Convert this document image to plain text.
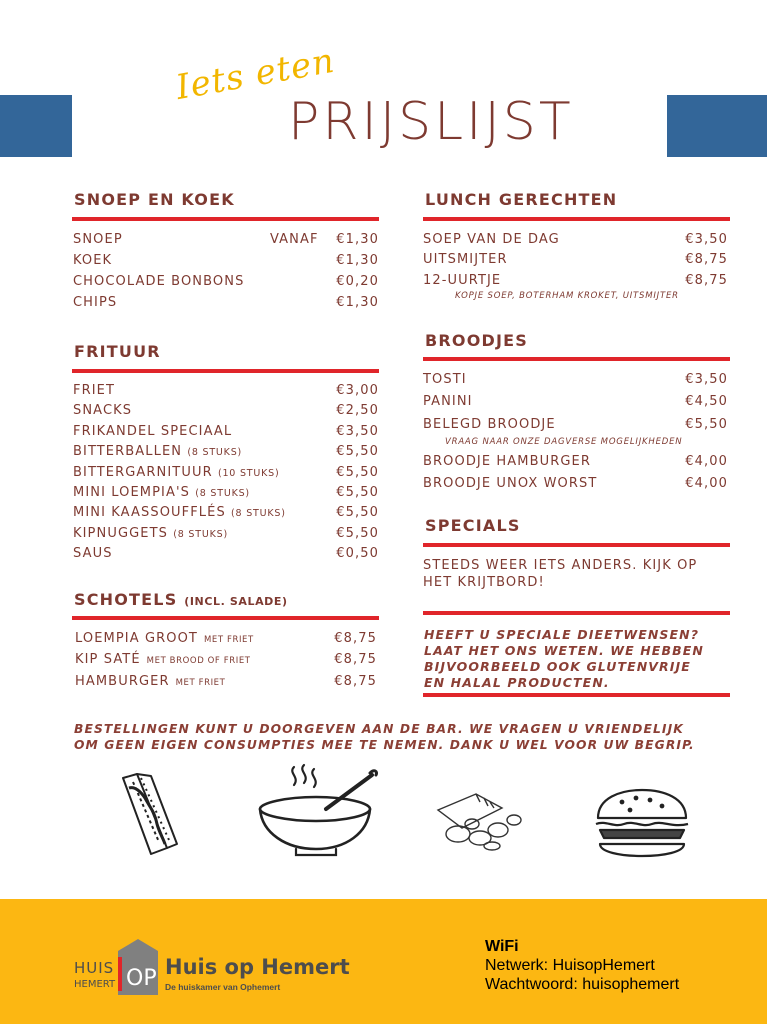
Iets eten
PRIJSLIJST
SNOEP EN KOEK
SNOEP	VANAF €1,30
KOEK	€1,30
CHOCOLADE BONBONS	€0,20
CHIPS	€1,30
FRITUUR
FRIET	€3,00
SNACKS	€2,50
FRIKANDEL SPECIAAL	€3,50
BITTERBALLEN (8 STUKS)	€5,50
BITTERGARNITUUR (10 STUKS)	€5,50
MINI LOEMPIA'S (8 STUKS)	€5,50
MINI KAASSOUFFLÉS (8 STUKS)	€5,50
KIPNUGGETS (8 STUKS)	€5,50
SAUS	€0,50
SCHOTELS (INCL. SALADE)
LOEMPIA GROOT MET FRIET	€8,75
KIP SATÉ MET BROOD OF FRIET	€8,75
HAMBURGER MET FRIET	€8,75
LUNCH GERECHTEN
SOEP VAN DE DAG	€3,50
UITSMIJTER	€8,75
12-UURTJE	€8,75
KOPJE SOEP, BOTERHAM KROKET, UITSMIJTER
BROODJES
TOSTI	€3,50
PANINI	€4,50
BELEGD BROODJE	€5,50
VRAAG NAAR ONZE DAGVERSE MOGELIJKHEDEN
BROODJE HAMBURGER	€4,00
BROODJE UNOX WORST	€4,00
SPECIALS
STEEDS WEER IETS ANDERS. KIJK OP
HET KRIJTBORD!
HEEFT U SPECIALE DIEETWENSEN?
LAAT HET ONS WETEN. WE HEBBEN
BIJVOORBEELD OOK GLUTENVRIJE
EN HALAL PRODUCTEN.
BESTELLINGEN KUNT U DOORGEVEN AAN DE BAR. WE VRAGEN U VRIENDELIJK
OM GEEN EIGEN CONSUMPTIES MEE TE NEMEN. DANK U WEL VOOR UW BEGRIP.
OP
HUIS
HEMERT
Huis op Hemert
De huiskamer van Ophemert
WiFi
Netwerk: HuisopHemert
Wachtwoord: huisophemert
